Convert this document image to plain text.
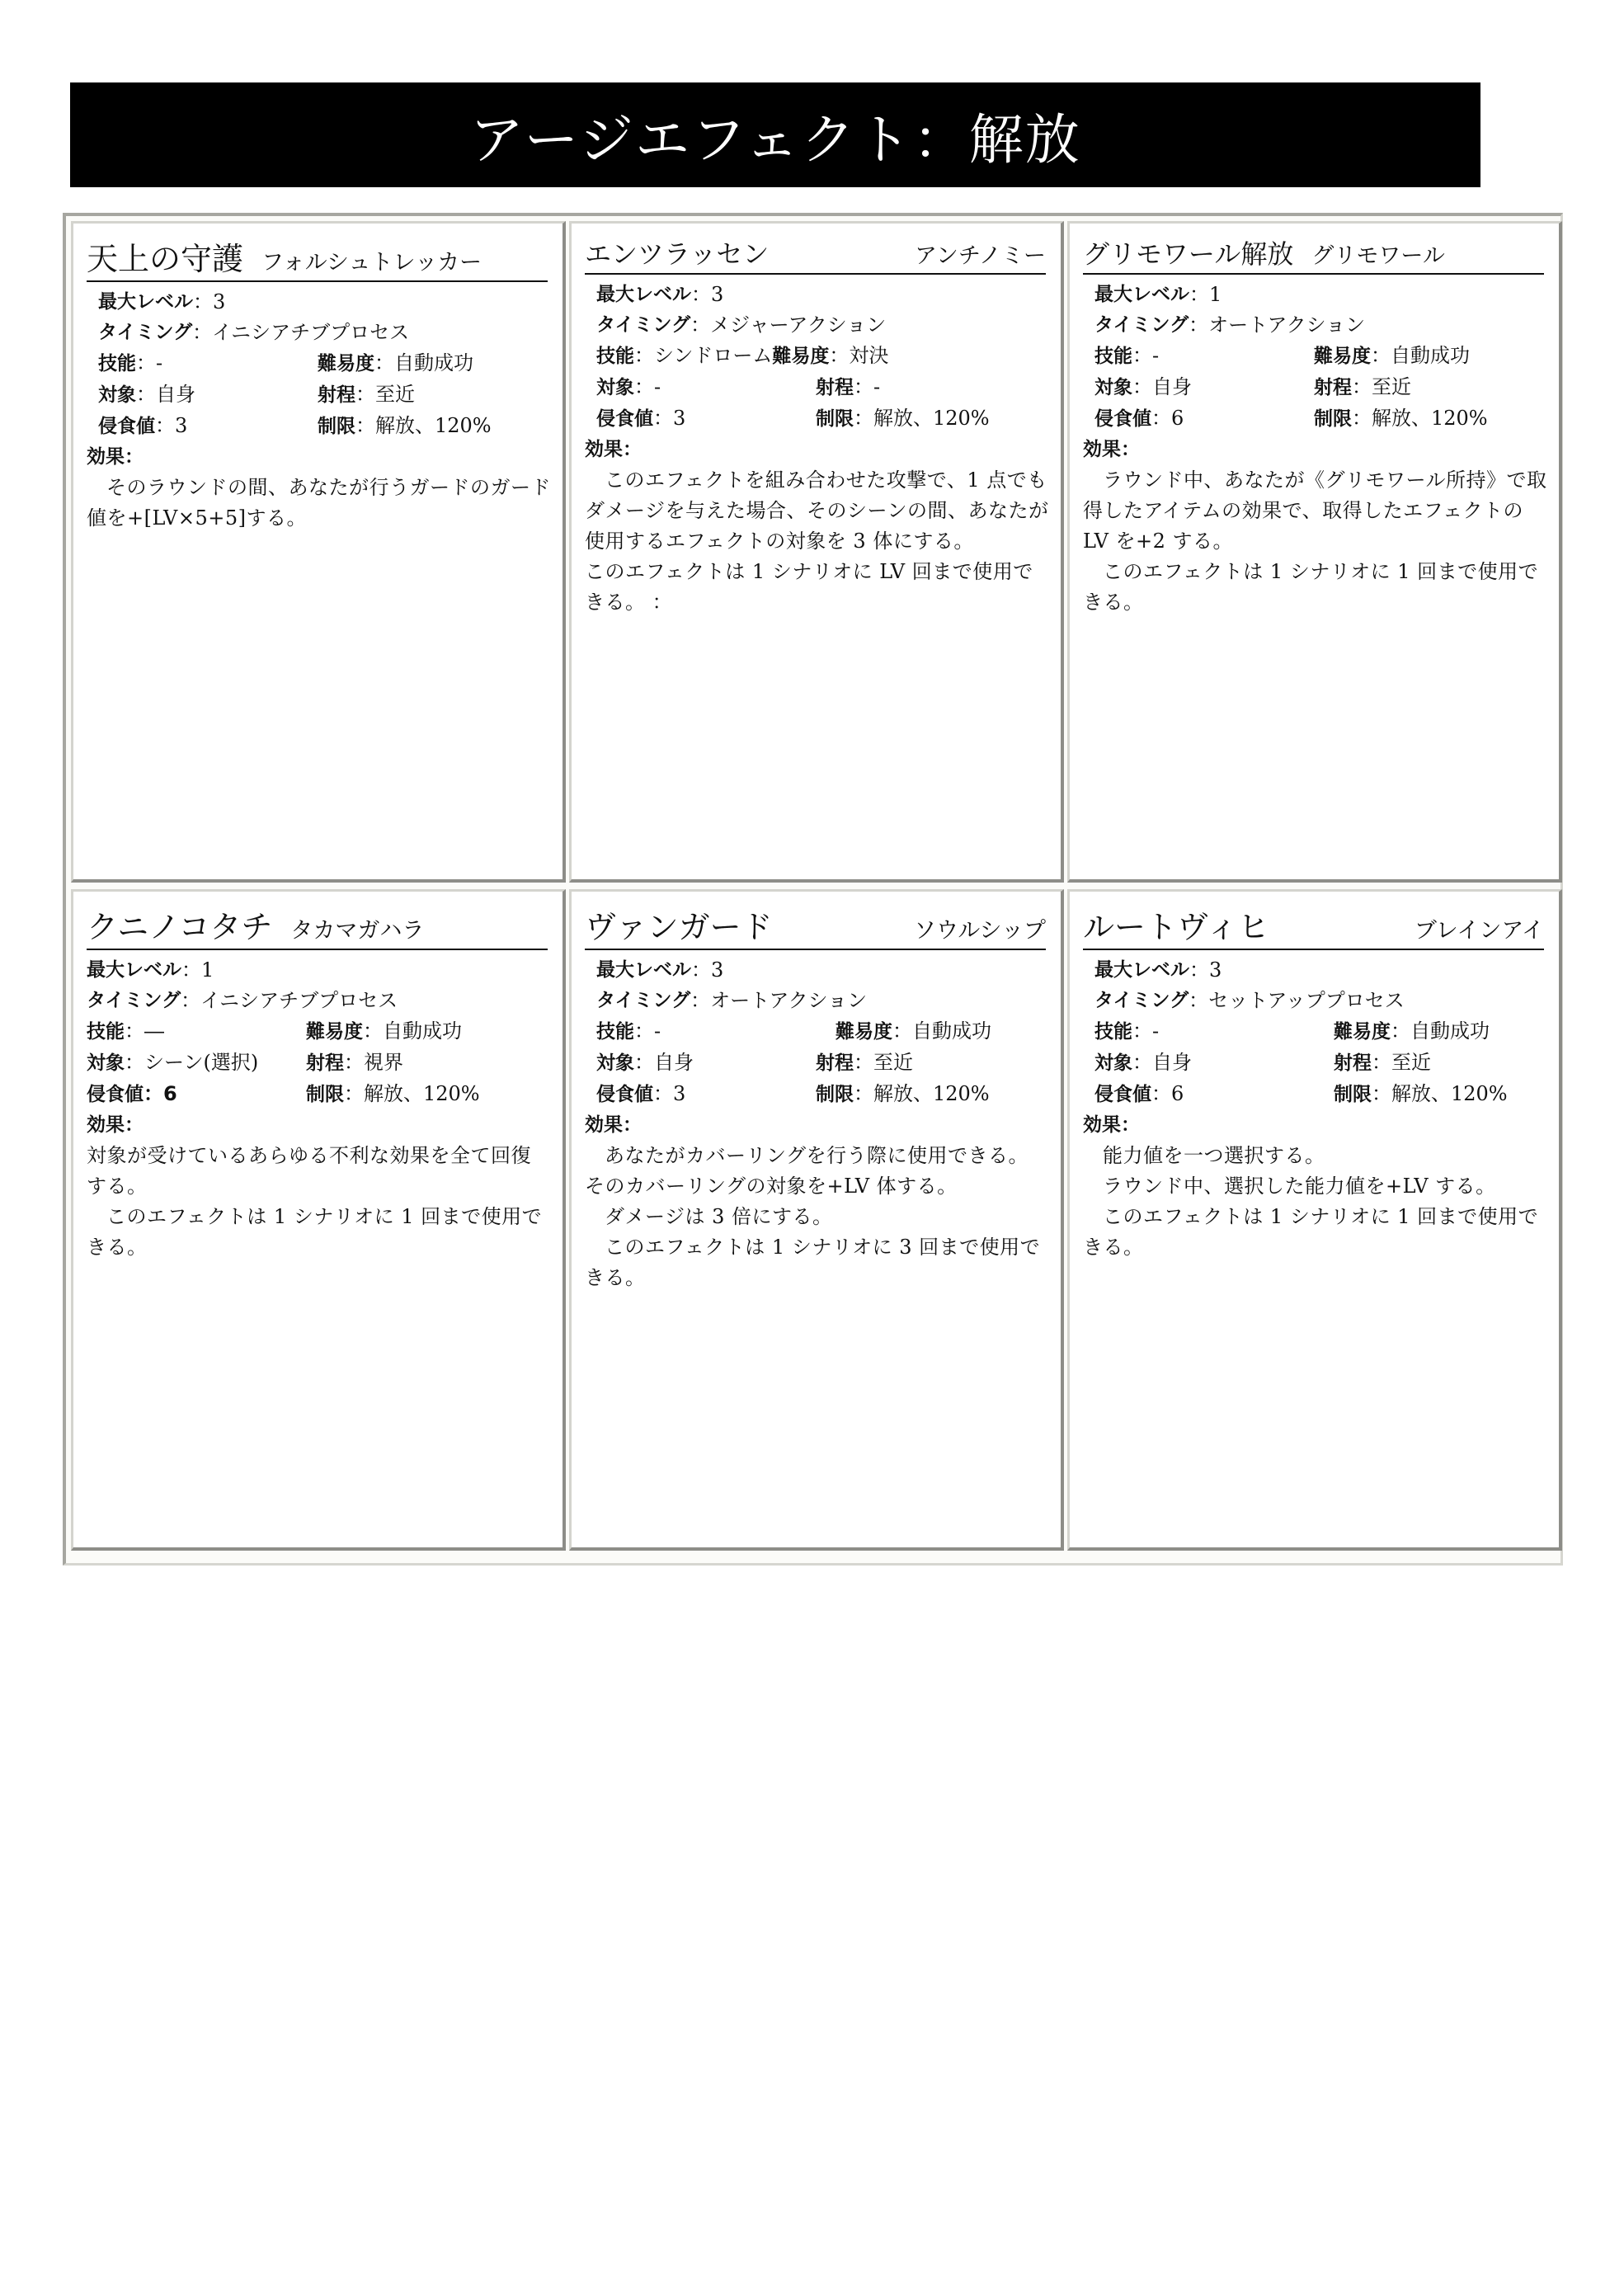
アージエフェクト：解放
天上の守護 フォルシュトレッカー
最大レベル ：3
タイミング ：イニシアチブプロセス
技能：-	難易度：自動成功
対象：自身	射程：至近
侵食値：3	制限：解放、120%
効果：

そのラウンドの間、あなたが行うガードのガード値を+[LV×5+5]する。

エンツラッセン	アンチノミー
最大レベル ：3
タイミング ：メジャーアクション
技能：シンドローム 難易度：対決
対象：-	射程：-
侵食値：3	制限：解放、120%
効果：

このエフェクトを組み合わせた攻撃で、1 点でもダメージを与えた場合、そのシーンの間、あなたが使用するエフェクトの対象を 3 体にする。

このエフェクトは 1 シナリオに LV 回まで使用できる。 ：

グリモワール解放 グリモワール
最大レベル ：1
タイミング ：オートアクション
技能：-	難易度：自動成功
対象：自身	射程：至近
侵食値：6	制限：解放、120%
効果：

ラウンド中、あなたが《グリモワール所持》で取得したアイテムの効果で、取得したエフェクトの LV を+2 する。

このエフェクトは 1 シナリオに 1 回まで使用できる。

クニノコタチ タカマガハラ
最大レベル ：1
タイミング ：イニシアチブプロセス
技能：―	難易度：自動成功
対象：シーン(選択)	射程：視界
侵食値：6	制限：解放、120%
効果：

対象が受けているあらゆる不利な効果を全て回復する。

このエフェクトは 1 シナリオに 1 回まで使用できる。

ヴァンガード	ソウルシップ
最大レベル ：3
タイミング ：オートアクション
技能：-	難易度：自動成功
対象：自身	射程：至近
侵食値：3	制限：解放、120%
効果：

あなたがカバーリングを行う際に使用できる。 そのカバーリングの対象を+LV 体する。

ダメージは 3 倍にする。

このエフェクトは 1 シナリオに 3 回まで使用できる。

ルートヴィヒ	ブレインアイ
最大レベル ：3
タイミング ：セットアッププロセス
技能：-	難易度：自動成功
対象：自身	射程：至近
侵食値：6	制限：解放、120%
効果：

能力値を一つ選択する。

ラウンド中、選択した能力値を+LV する。

このエフェクトは 1 シナリオに 1 回まで使用できる。
